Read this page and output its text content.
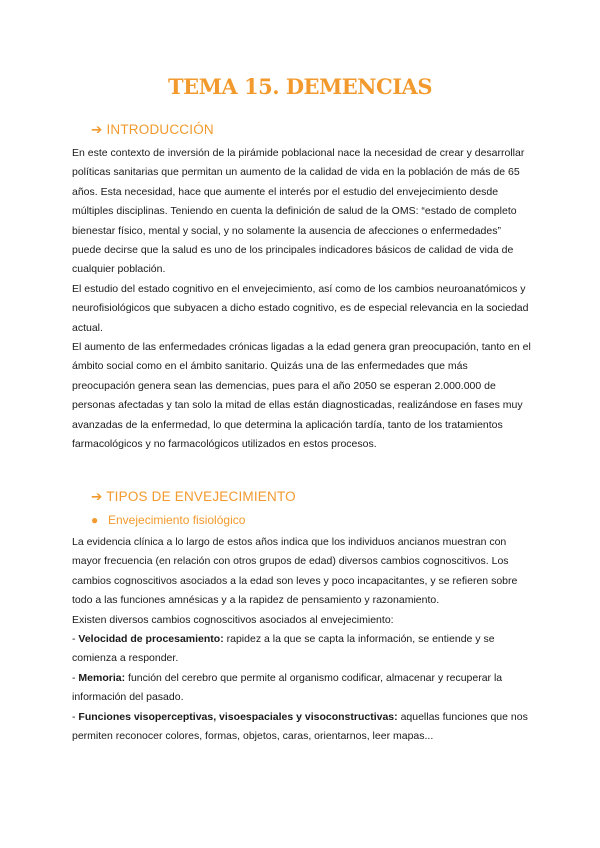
TEMA 15. DEMENCIAS
➔ INTRODUCCIÓN

En este contexto de inversión de la pirámide poblacional nace la necesidad de crear y desarrollar políticas sanitarias que permitan un aumento de la calidad de vida en la población de más de 65 años. Esta necesidad, hace que aumente el interés por el estudio del envejecimiento desde múltiples disciplinas. Teniendo en cuenta la definición de salud de la OMS: “estado de completo bienestar físico, mental y social, y no solamente la ausencia de afecciones o enfermedades” puede decirse que la salud es uno de los principales indicadores básicos de calidad de vida de cualquier población.

El estudio del estado cognitivo en el envejecimiento, así como de los cambios neuroanatómicos y neurofisiológicos que subyacen a dicho estado cognitivo, es de especial relevancia en la sociedad actual.

El aumento de las enfermedades crónicas ligadas a la edad genera gran preocupación, tanto en el ámbito social como en el ámbito sanitario. Quizás una de las enfermedades que más preocupación genera sean las demencias, pues para el año 2050 se esperan 2.000.000 de personas afectadas y tan solo la mitad de ellas están diagnosticadas, realizándose en fases muy avanzadas de la enfermedad, lo que determina la aplicación tardía, tanto de los tratamientos farmacológicos y no farmacológicos utilizados en estos procesos.

➔ TIPOS DE ENVEJECIMIENTO
● Envejecimiento fisiológico

La evidencia clínica a lo largo de estos años indica que los individuos ancianos muestran con mayor frecuencia (en relación con otros grupos de edad) diversos cambios cognoscitivos. Los cambios cognoscitivos asociados a la edad son leves y poco incapacitantes, y se refieren sobre todo a las funciones amnésicas y a la rapidez de pensamiento y razonamiento.

Existen diversos cambios cognoscitivos asociados al envejecimiento:

- Velocidad de procesamiento: rapidez a la que se capta la información, se entiende y se comienza a responder.

- Memoria: función del cerebro que permite al organismo codificar, almacenar y recuperar la información del pasado.

- Funciones visoperceptivas, visoespaciales y visoconstructivas: aquellas funciones que nos permiten reconocer colores, formas, objetos, caras, orientarnos, leer mapas...
